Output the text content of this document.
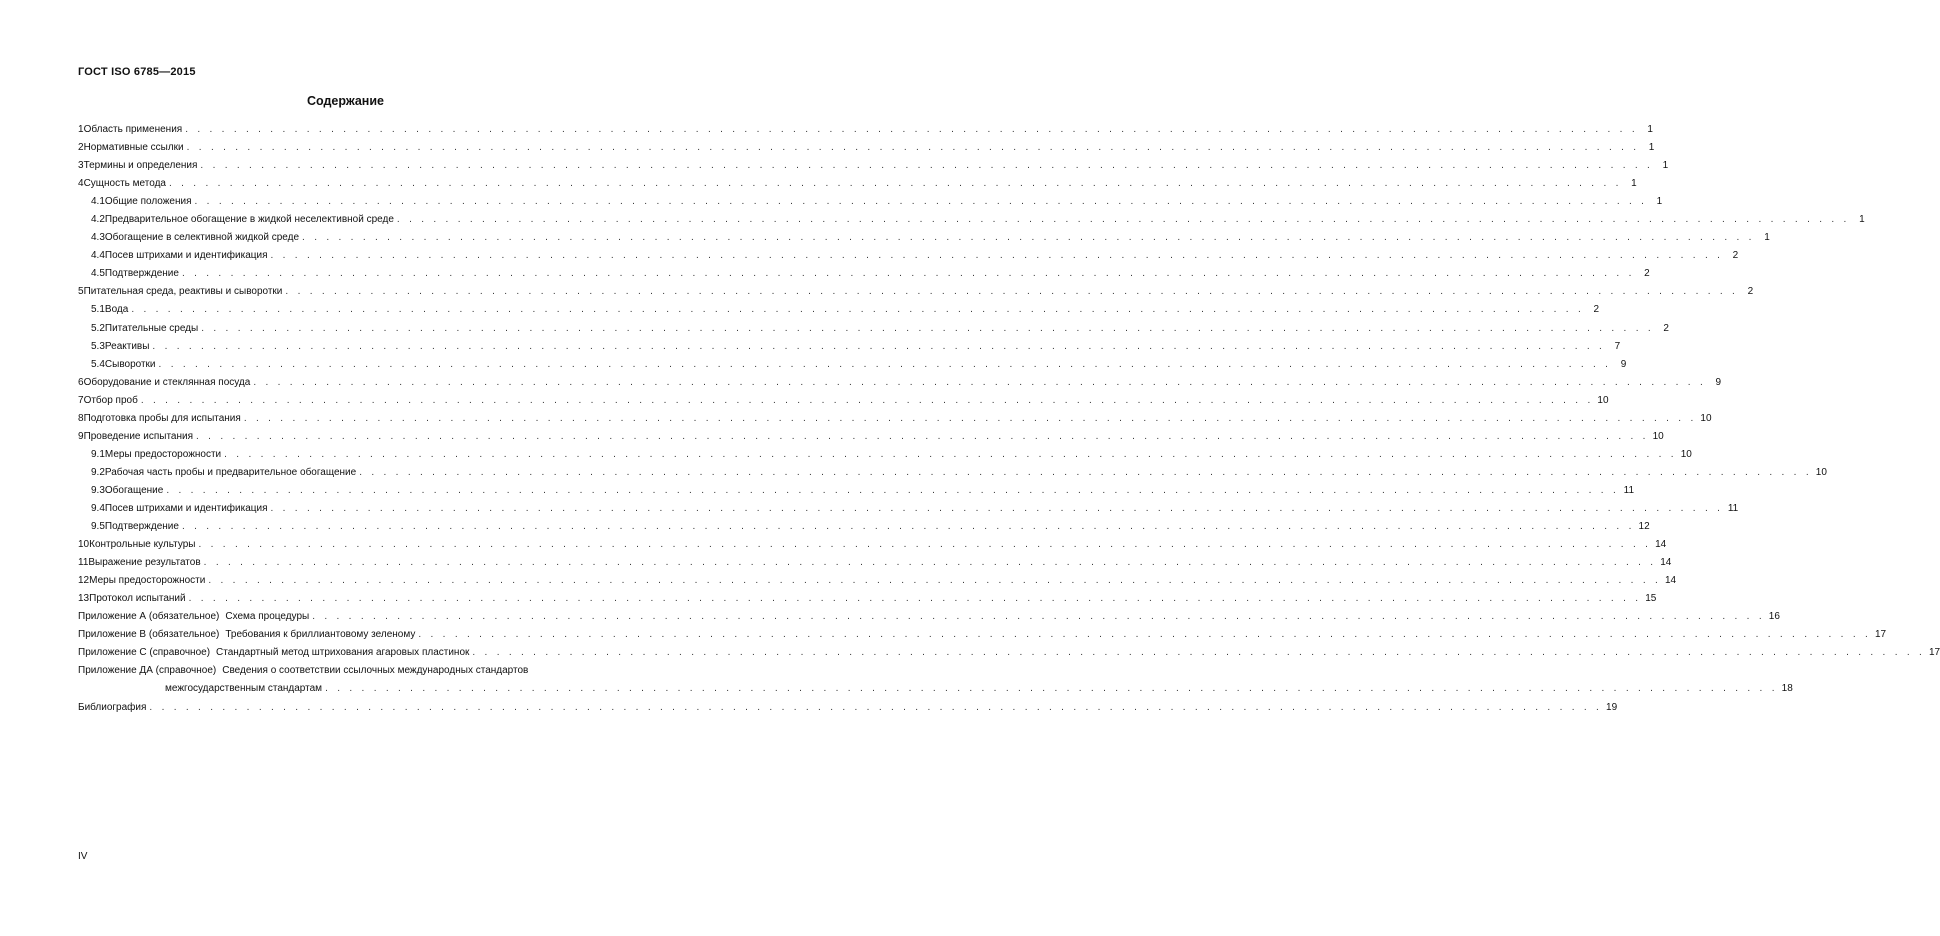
ГОСТ ISO 6785—2015
Содержание
1 Область применения . . . . . . . . . . . . . . . . . . . . . . . . . . . . . . . . . . . . . . . . . . . . . . . . . . . . . . . . . . . . . . . . . . . . . . . . . . . . . . . . . . . . . . . . . . . . . . . . . . . . . . . . . . . . . . . . . . . . . . . . 1
2 Нормативные ссылки . . . . . . . . . . . . . . . . . . . . . . . . . . . . . . . . . . . . . . . . . . . . . . . . . . . . . . . . . . . . . . . . . . . . . . . . . . . . . . . . . . . . . . . . . . . . . . . . . . . . . . . . . . . . . . . . . . . . . . . . 1
3 Термины и определения . . . . . . . . . . . . . . . . . . . . . . . . . . . . . . . . . . . . . . . . . . . . . . . . . . . . . . . . . . . . . . . . . . . . . . . . . . . . . . . . . . . . . . . . . . . . . . . . . . . . . . . . . . . . . . . . . . . . . . . . 1
4 Сущность метода . . . . . . . . . . . . . . . . . . . . . . . . . . . . . . . . . . . . . . . . . . . . . . . . . . . . . . . . . . . . . . . . . . . . . . . . . . . . . . . . . . . . . . . . . . . . . . . . . . . . . . . . . . . . . . . . . . . . . . . . 1
4.1 Общие положения . . . . . . . . . . . . . . . . . . . . . . . . . . . . . . . . . . . . . . . . . . . . . . . . . . . . . . . . . . . . . . . . . . . . . . . . . . . . . . . . . . . . . . . . . . . . . . . . . . . . . . . . . . . . . . . . . . . . . . . . 1
4.2 Предварительное обогащение в жидкой неселективной среде . . . . . . . . . . . . . . . . . . . . . . . . . . . . . . . . . . . . . . . . . . . . . . . . . . . . . . . . . . . . . . . . . . . . . . . . . . . . . . . . . . . . . . . . . . . . . . . . . . . . . . . . . . . . . . . . . . . . . . . . 1
4.3 Обогащение в селективной жидкой среде . . . . . . . . . . . . . . . . . . . . . . . . . . . . . . . . . . . . . . . . . . . . . . . . . . . . . . . . . . . . . . . . . . . . . . . . . . . . . . . . . . . . . . . . . . . . . . . . . . . . . . . . . . . . . . . . . . . . . . . . 1
4.4 Посев штрихами и идентификация . . . . . . . . . . . . . . . . . . . . . . . . . . . . . . . . . . . . . . . . . . . . . . . . . . . . . . . . . . . . . . . . . . . . . . . . . . . . . . . . . . . . . . . . . . . . . . . . . . . . . . . . . . . . . . . . . . . . . . . . 2
4.5 Подтверждение . . . . . . . . . . . . . . . . . . . . . . . . . . . . . . . . . . . . . . . . . . . . . . . . . . . . . . . . . . . . . . . . . . . . . . . . . . . . . . . . . . . . . . . . . . . . . . . . . . . . . . . . . . . . . . . . . . . . . . . . 2
5 Питательная среда, реактивы и сыворотки . . . . . . . . . . . . . . . . . . . . . . . . . . . . . . . . . . . . . . . . . . . . . . . . . . . . . . . . . . . . . . . . . . . . . . . . . . . . . . . . . . . . . . . . . . . . . . . . . . . . . . . . . . . . . . . . . . . . . . . . 2
5.1 Вода . . . . . . . . . . . . . . . . . . . . . . . . . . . . . . . . . . . . . . . . . . . . . . . . . . . . . . . . . . . . . . . . . . . . . . . . . . . . . . . . . . . . . . . . . . . . . . . . . . . . . . . . . . . . . . . . . . . . . . . . 2
5.2 Питательные среды . . . . . . . . . . . . . . . . . . . . . . . . . . . . . . . . . . . . . . . . . . . . . . . . . . . . . . . . . . . . . . . . . . . . . . . . . . . . . . . . . . . . . . . . . . . . . . . . . . . . . . . . . . . . . . . . . . . . . . . . 2
5.3 Реактивы . . . . . . . . . . . . . . . . . . . . . . . . . . . . . . . . . . . . . . . . . . . . . . . . . . . . . . . . . . . . . . . . . . . . . . . . . . . . . . . . . . . . . . . . . . . . . . . . . . . . . . . . . . . . . . . . . . . . . . . . 7
5.4 Сыворотки . . . . . . . . . . . . . . . . . . . . . . . . . . . . . . . . . . . . . . . . . . . . . . . . . . . . . . . . . . . . . . . . . . . . . . . . . . . . . . . . . . . . . . . . . . . . . . . . . . . . . . . . . . . . . . . . . . . . . . . . 9
6 Оборудование и стеклянная посуда . . . . . . . . . . . . . . . . . . . . . . . . . . . . . . . . . . . . . . . . . . . . . . . . . . . . . . . . . . . . . . . . . . . . . . . . . . . . . . . . . . . . . . . . . . . . . . . . . . . . . . . . . . . . . . . . . . . . . . . . 9
7 Отбор проб . . . . . . . . . . . . . . . . . . . . . . . . . . . . . . . . . . . . . . . . . . . . . . . . . . . . . . . . . . . . . . . . . . . . . . . . . . . . . . . . . . . . . . . . . . . . . . . . . . . . . . . . . . . . . . . . . . . . . . . . 10
8 Подготовка пробы для испытания . . . . . . . . . . . . . . . . . . . . . . . . . . . . . . . . . . . . . . . . . . . . . . . . . . . . . . . . . . . . . . . . . . . . . . . . . . . . . . . . . . . . . . . . . . . . . . . . . . . . . . . . . . . . . . . . . . . . . . . . 10
9 Проведение испытания . . . . . . . . . . . . . . . . . . . . . . . . . . . . . . . . . . . . . . . . . . . . . . . . . . . . . . . . . . . . . . . . . . . . . . . . . . . . . . . . . . . . . . . . . . . . . . . . . . . . . . . . . . . . . . . . . . . . . . . . 10
9.1 Меры предосторожности . . . . . . . . . . . . . . . . . . . . . . . . . . . . . . . . . . . . . . . . . . . . . . . . . . . . . . . . . . . . . . . . . . . . . . . . . . . . . . . . . . . . . . . . . . . . . . . . . . . . . . . . . . . . . . . . . . . . . . . . 10
9.2 Рабочая часть пробы и предварительное обогащение . . . . . . . . . . . . . . . . . . . . . . . . . . . . . . . . . . . . . . . . . . . . . . . . . . . . . . . . . . . . . . . . . . . . . . . . . . . . . . . . . . . . . . . . . . . . . . . . . . . . . . . . . . . . . . . . . . . . . . . . 10
9.3 Обогащение . . . . . . . . . . . . . . . . . . . . . . . . . . . . . . . . . . . . . . . . . . . . . . . . . . . . . . . . . . . . . . . . . . . . . . . . . . . . . . . . . . . . . . . . . . . . . . . . . . . . . . . . . . . . . . . . . . . . . . . . 11
9.4 Посев штрихами и идентификация . . . . . . . . . . . . . . . . . . . . . . . . . . . . . . . . . . . . . . . . . . . . . . . . . . . . . . . . . . . . . . . . . . . . . . . . . . . . . . . . . . . . . . . . . . . . . . . . . . . . . . . . . . . . . . . . . . . . . . . . 11
9.5 Подтверждение . . . . . . . . . . . . . . . . . . . . . . . . . . . . . . . . . . . . . . . . . . . . . . . . . . . . . . . . . . . . . . . . . . . . . . . . . . . . . . . . . . . . . . . . . . . . . . . . . . . . . . . . . . . . . . . . . . . . . . . . 12
10 Контрольные культуры . . . . . . . . . . . . . . . . . . . . . . . . . . . . . . . . . . . . . . . . . . . . . . . . . . . . . . . . . . . . . . . . . . . . . . . . . . . . . . . . . . . . . . . . . . . . . . . . . . . . . . . . . . . . . . . . . . . . . . . . 14
11 Выражение результатов . . . . . . . . . . . . . . . . . . . . . . . . . . . . . . . . . . . . . . . . . . . . . . . . . . . . . . . . . . . . . . . . . . . . . . . . . . . . . . . . . . . . . . . . . . . . . . . . . . . . . . . . . . . . . . . . . . . . . . . . 14
12 Меры предосторожности . . . . . . . . . . . . . . . . . . . . . . . . . . . . . . . . . . . . . . . . . . . . . . . . . . . . . . . . . . . . . . . . . . . . . . . . . . . . . . . . . . . . . . . . . . . . . . . . . . . . . . . . . . . . . . . . . . . . . . . . 14
13 Протокол испытаний . . . . . . . . . . . . . . . . . . . . . . . . . . . . . . . . . . . . . . . . . . . . . . . . . . . . . . . . . . . . . . . . . . . . . . . . . . . . . . . . . . . . . . . . . . . . . . . . . . . . . . . . . . . . . . . . . . . . . . . . 15
Приложение А (обязательное) Схема процедуры . . . . . . . . . . . . . . . . . . . . . . . . . . . . . . . . . . . . . . . . . . . . . . . . . . . . . . . . . . . . . . . . . . . . . . . . . . . . . . . . . . . . . . . . . . . . . . . . . . . . . . . . . . . . . . . . . . . . . . . . 16
Приложение В (обязательное) Требования к бриллиантовому зеленому . . . . . . . . . . . . . . . . . . . . . . . . . . . . . . . . . . . . . . . . . . . . . . . . . . . . . . . . . . . . . . . . . . . . . . . . . . . . . . . . . . . . . . . . . . . . . . . . . . . . . . . . . . . . . . . . . . . . . . . . 17
Приложение С (справочное) Стандартный метод штрихования агаровых пластинок . . . . . . . . . . . . . . . . . . . . . . . . . . . . . . . . . . . . . . . . . . . . . . . . . . . . . . . . . . . . . . . . . . . . . . . . . . . . . . . . . . . . . . . . . . . . . . . . . . . . . . . . . . . . . . . . . . . . . . . . 17
Приложение ДА (справочное) Сведения о соответствии ссылочных международных стандартов
межгосударственным стандартам . . . . . . . . . . . . . . . . . . . . . . . . . . . . . . . . . . . . . . . . . . . . . . . . . . . . . . . . . . . . . . . . . . . . . . . . . . . . . . . . . . . . . . . . . . . . . . . . . . . . . . . . . . . . . . . . . . . . . . . . 18
Библиография . . . . . . . . . . . . . . . . . . . . . . . . . . . . . . . . . . . . . . . . . . . . . . . . . . . . . . . . . . . . . . . . . . . . . . . . . . . . . . . . . . . . . . . . . . . . . . . . . . . . . . . . . . . . . . . . . . . . . . . . 19
IV
